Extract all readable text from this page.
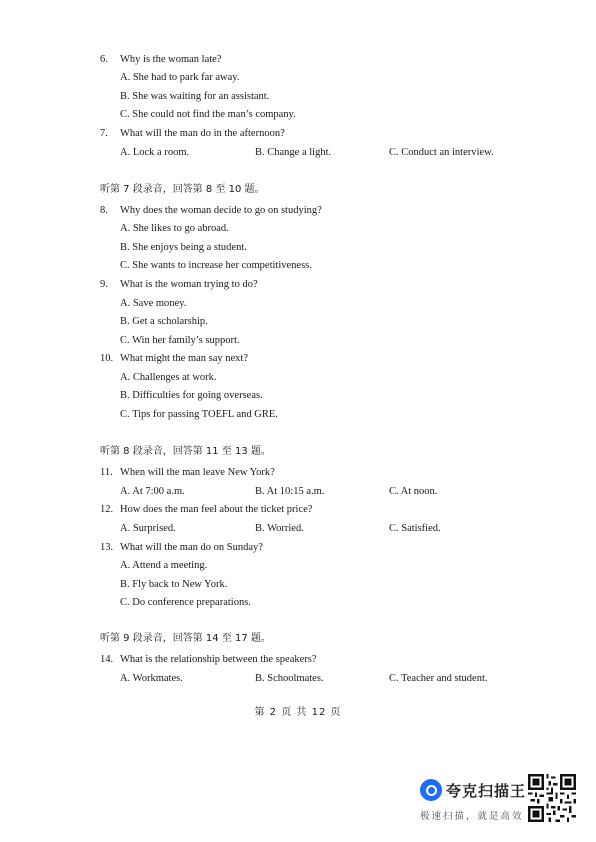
6. Why is the woman late?
A. She had to park far away.
B. She was waiting for an assistant.
C. She could not find the man’s company.
7. What will the man do in the afternoon?
A. Lock a room.	B. Change a light.	C. Conduct an interview.
听第 7 段录音，回答第 8 至 10 题。
8. Why does the woman decide to go on studying?
A. She likes to go abroad.
B. She enjoys being a student.
C. She wants to increase her competitiveness.
9. What is the woman trying to do?
A. Save money.
B. Get a scholarship.
C. Win her family’s support.
10. What might the man say next?
A. Challenges at work.
B. Difficulties for going overseas.
C. Tips for passing TOEFL and GRE.
听第 8 段录音，回答第 11 至 13 题。
11. When will the man leave New York?
A. At 7:00 a.m.	B. At 10:15 a.m.	C. At noon.
12. How does the man feel about the ticket price?
A. Surprised.	B. Worried.	C. Satisfied.
13. What will the man do on Sunday?
A. Attend a meeting.
B. Fly back to New York.
C. Do conference preparations.
听第 9 段录音，回答第 14 至 17 题。
14. What is the relationship between the speakers?
A. Workmates.	B. Schoolmates.	C. Teacher and student.
第 2 页 共 12 页
夸克扫描王
极速扫描，就是高效
